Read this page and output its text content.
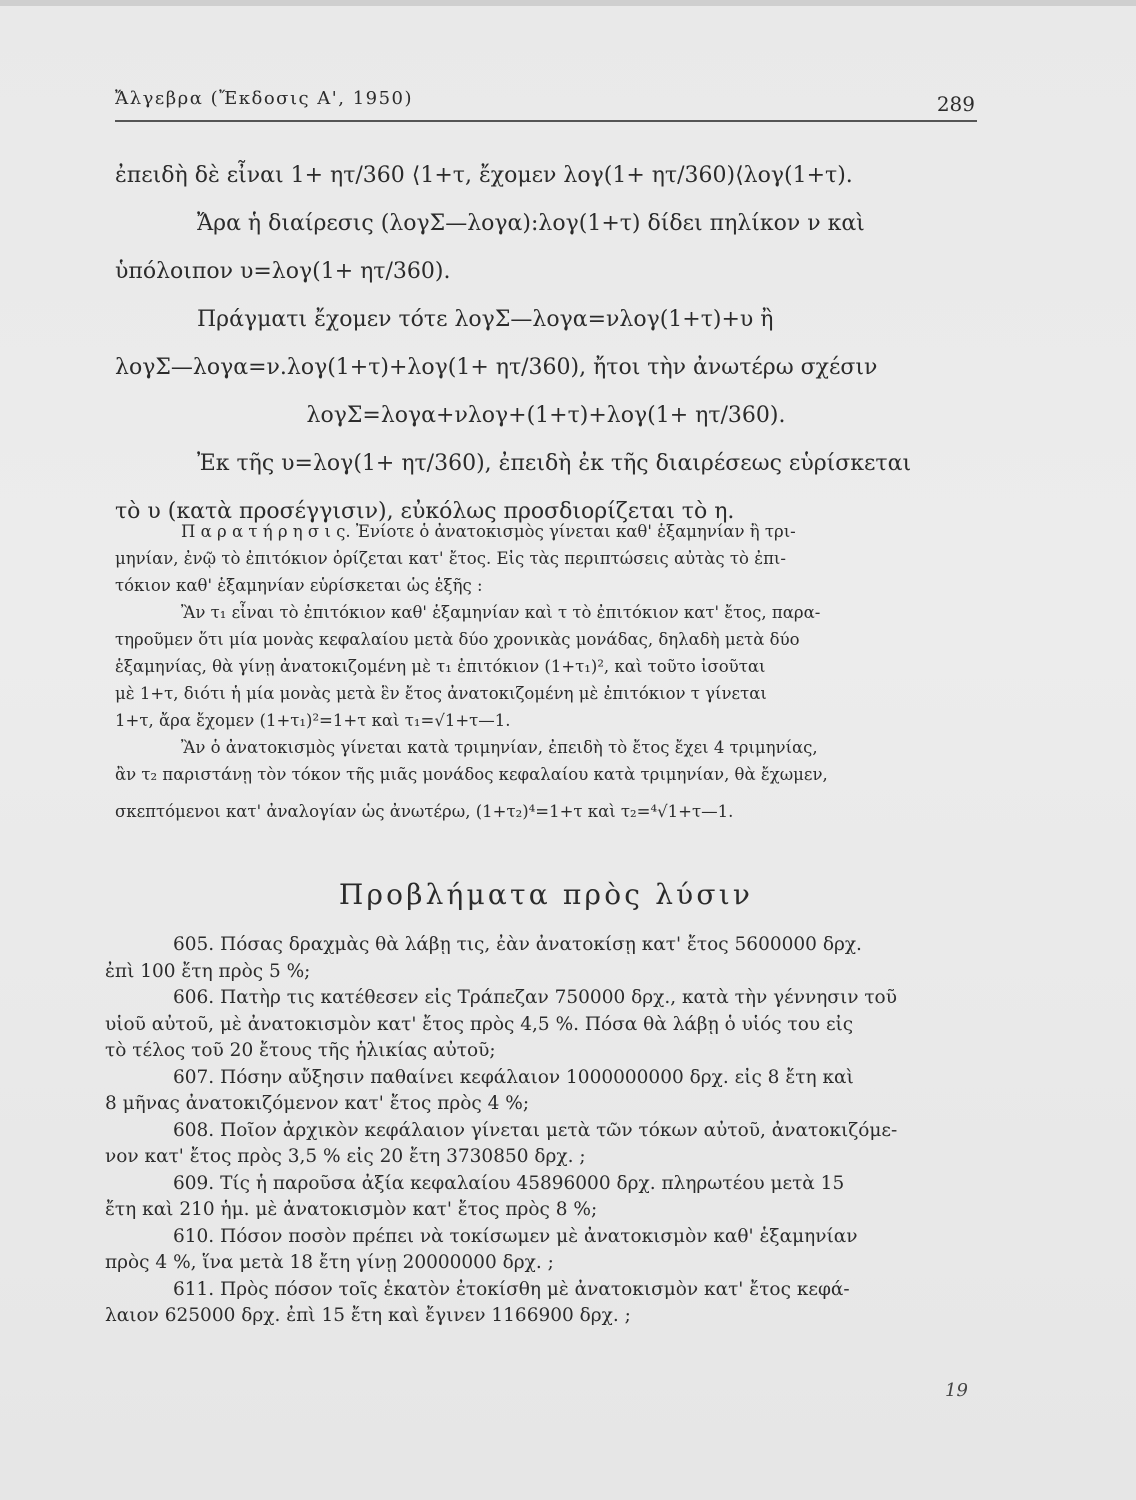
Ἄλγεβρα (Ἔκδοσις Α', 1950)	289
ἐπειδὴ δὲ εἶναι 1+ ητ/360 ⟨1+τ, ἔχομεν λογ(1+ ητ/360)⟨λογ(1+τ).
Ἄρα ἡ διαίρεσις (λογΣ—λογα):λογ(1+τ) δίδει πηλίκον ν καὶ
ὑπόλοιπον υ=λογ(1+ ητ/360).
Πράγματι ἔχομεν τότε λογΣ—λογα=νλογ(1+τ)+υ ἢ
λογΣ—λογα=ν.λογ(1+τ)+λογ(1+ ητ/360), ἤτοι τὴν ἀνωτέρω σχέσιν
λογΣ=λογα+νλογ+(1+τ)+λογ(1+ ητ/360).
Ἐκ τῆς υ=λογ(1+ ητ/360), ἐπειδὴ ἐκ τῆς διαιρέσεως εὑρίσκεται
τὸ υ (κατὰ προσέγγισιν), εὐκόλως προσδιορίζεται τὸ η.
Π α ρ α τ ή ρ η σ ι ς. Ἐνίοτε ὁ ἀνατοκισμὸς γίνεται καθ' ἑξαμηνίαν ἢ τρι-
μηνίαν, ἐνῷ τὸ ἐπιτόκιον ὁρίζεται κατ' ἔτος. Εἰς τὰς περιπτώσεις αὐτὰς τὸ ἐπι-
τόκιον καθ' ἑξαμηνίαν εὑρίσκεται ὡς ἑξῆς :
Ἂν τ₁ εἶναι τὸ ἐπιτόκιον καθ' ἑξαμηνίαν καὶ τ τὸ ἐπιτόκιον κατ' ἔτος, παρα-
τηροῦμεν ὅτι μία μονὰς κεφαλαίου μετὰ δύο χρονικὰς μονάδας, δηλαδὴ μετὰ δύο
ἑξαμηνίας, θὰ γίνῃ ἀνατοκιζομένη μὲ τ₁ ἐπιτόκιον (1+τ₁)², καὶ τοῦτο ἰσοῦται
μὲ 1+τ, διότι ἡ μία μονὰς μετὰ ἓν ἔτος ἀνατοκιζομένη μὲ ἐπιτόκιον τ γίνεται
1+τ, ἄρα ἔχομεν (1+τ₁)²=1+τ καὶ τ₁=√1+τ—1.
Ἂν ὁ ἀνατοκισμὸς γίνεται κατὰ τριμηνίαν, ἐπειδὴ τὸ ἔτος ἔχει 4 τριμηνίας,
ἂν τ₂ παριστάνῃ τὸν τόκον τῆς μιᾶς μονάδος κεφαλαίου κατὰ τριμηνίαν, θὰ ἔχωμεν,
σκεπτόμενοι κατ' ἀναλογίαν ὡς ἀνωτέρω, (1+τ₂)⁴=1+τ καὶ τ₂=⁴√1+τ—1.
Προβλήματα πρὸς λύσιν
605. Πόσας δραχμὰς θὰ λάβῃ τις, ἐὰν ἀνατοκίσῃ κατ' ἔτος 5600000 δρχ.
ἐπὶ 100 ἔτη πρὸς 5 %;
606. Πατὴρ τις κατέθεσεν εἰς Τράπεζαν 750000 δρχ., κατὰ τὴν γέννησιν τοῦ
υἱοῦ αὐτοῦ, μὲ ἀνατοκισμὸν κατ' ἔτος πρὸς 4,5 %. Πόσα θὰ λάβῃ ὁ υἱός του εἰς
τὸ τέλος τοῦ 20 ἔτους τῆς ἡλικίας αὐτοῦ;
607. Πόσην αὔξησιν παθαίνει κεφάλαιον 1000000000 δρχ. εἰς 8 ἔτη καὶ
8 μῆνας ἀνατοκιζόμενον κατ' ἔτος πρὸς 4 %;
608. Ποῖον ἀρχικὸν κεφάλαιον γίνεται μετὰ τῶν τόκων αὐτοῦ, ἀνατοκιζόμε-
νον κατ' ἔτος πρὸς 3,5 % εἰς 20 ἔτη 3730850 δρχ. ;
609. Τίς ἡ παροῦσα ἀξία κεφαλαίου 45896000 δρχ. πληρωτέου μετὰ 15
ἔτη καὶ 210 ἡμ. μὲ ἀνατοκισμὸν κατ' ἔτος πρὸς 8 %;
610. Πόσον ποσὸν πρέπει νὰ τοκίσωμεν μὲ ἀνατοκισμὸν καθ' ἑξαμηνίαν
πρὸς 4 %, ἵνα μετὰ 18 ἔτη γίνῃ 20000000 δρχ. ;
611. Πρὸς πόσον τοῖς ἑκατὸν ἐτοκίσθη μὲ ἀνατοκισμὸν κατ' ἔτος κεφά-
λαιον 625000 δρχ. ἐπὶ 15 ἔτη καὶ ἔγινεν 1166900 δρχ. ;
19
